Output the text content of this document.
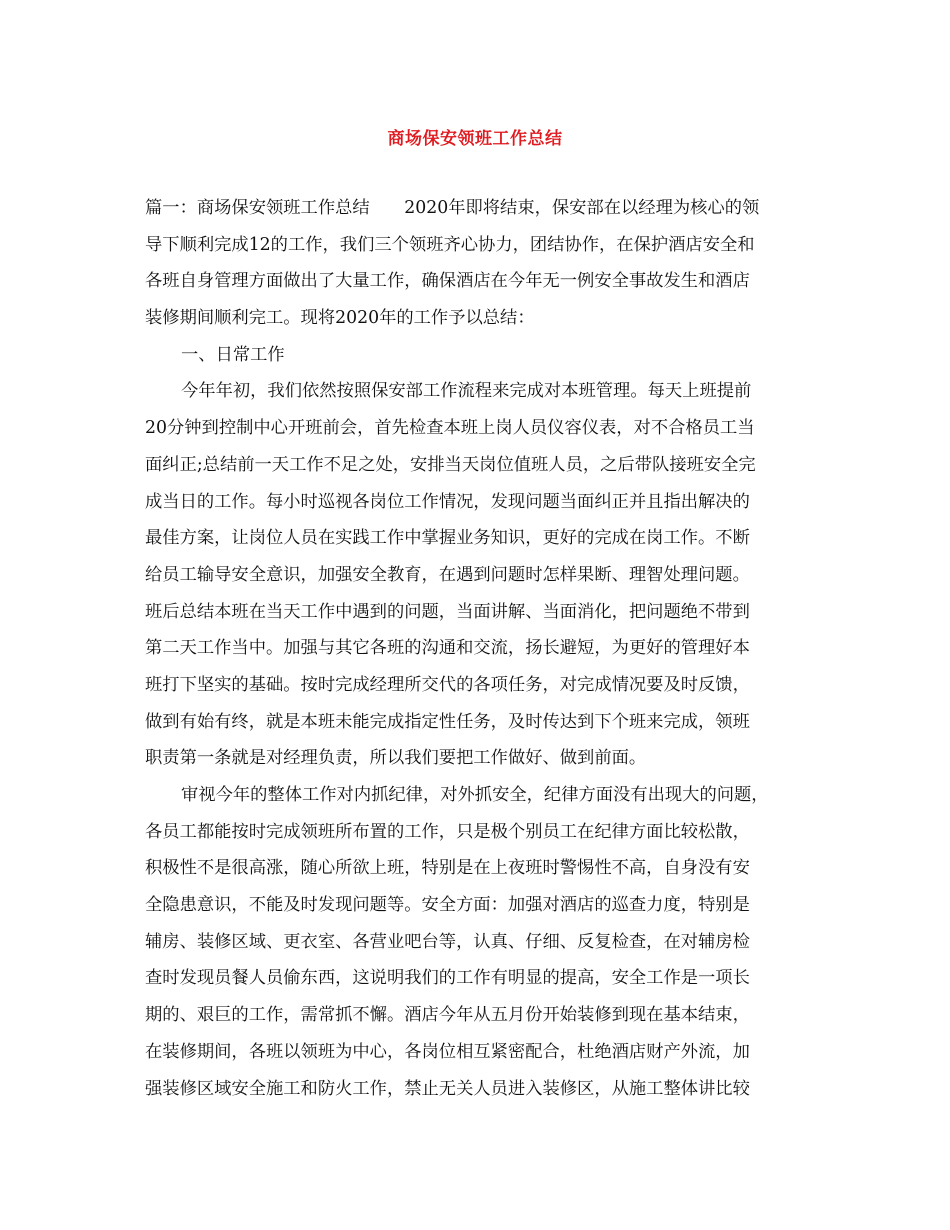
商场保安领班工作总结
篇一：商场保安领班工作总结　　2020年即将结束，保安部在以经理为核心的领
导下顺利完成12的工作，我们三个领班齐心协力，团结协作，在保护酒店安全和
各班自身管理方面做出了大量工作，确保酒店在今年无一例安全事故发生和酒店
装修期间顺利完工。现将2020年的工作予以总结：
一、日常工作
今年年初，我们依然按照保安部工作流程来完成对本班管理。每天上班提前
20分钟到控制中心开班前会，首先检查本班上岗人员仪容仪表，对不合格员工当
面纠正;总结前一天工作不足之处，安排当天岗位值班人员，之后带队接班安全完
成当日的工作。每小时巡视各岗位工作情况，发现问题当面纠正并且指出解决的
最佳方案，让岗位人员在实践工作中掌握业务知识，更好的完成在岗工作。不断
给员工输导安全意识，加强安全教育，在遇到问题时怎样果断、理智处理问题。
班后总结本班在当天工作中遇到的问题，当面讲解、当面消化，把问题绝不带到
第二天工作当中。加强与其它各班的沟通和交流，扬长避短，为更好的管理好本
班打下坚实的基础。按时完成经理所交代的各项任务，对完成情况要及时反馈，
做到有始有终，就是本班未能完成指定性任务，及时传达到下个班来完成，领班
职责第一条就是对经理负责，所以我们要把工作做好、做到前面。
审视今年的整体工作对内抓纪律，对外抓安全，纪律方面没有出现大的问题，
各员工都能按时完成领班所布置的工作，只是极个别员工在纪律方面比较松散，
积极性不是很高涨，随心所欲上班，特别是在上夜班时警惕性不高，自身没有安
全隐患意识，不能及时发现问题等。安全方面：加强对酒店的巡查力度，特别是
辅房、装修区域、更衣室、各营业吧台等，认真、仔细、反复检查，在对辅房检
查时发现员餐人员偷东西，这说明我们的工作有明显的提高，安全工作是一项长
期的、艰巨的工作，需常抓不懈。酒店今年从五月份开始装修到现在基本结束，
在装修期间，各班以领班为中心，各岗位相互紧密配合，杜绝酒店财产外流，加
强装修区域安全施工和防火工作，禁止无关人员进入装修区，从施工整体讲比较
